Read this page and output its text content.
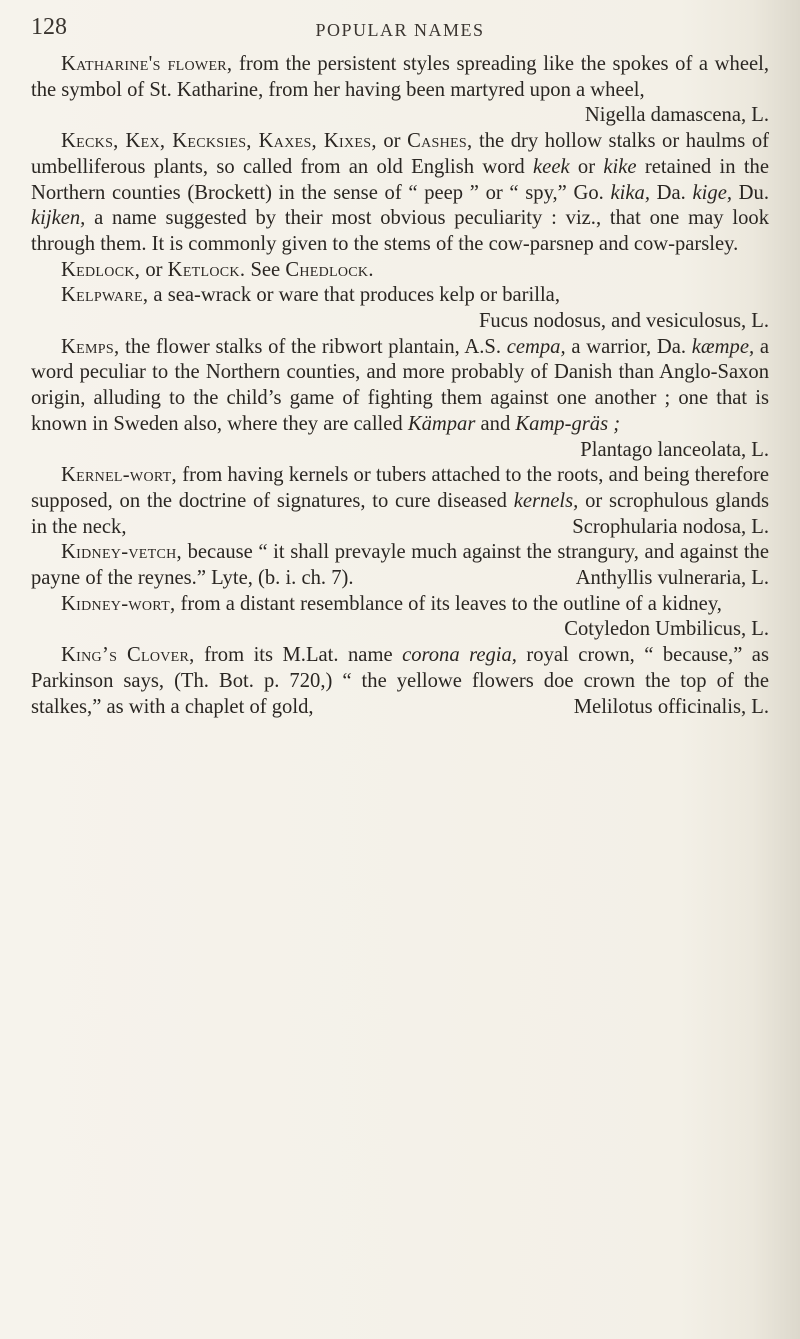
128	POPULAR NAMES

Katharine's flower, from the persistent styles spreading like the spokes of a wheel, the symbol of St. Katharine, from her having been martyred upon a wheel,
Nigella damascena, L.

Kecks, Kex, Kecksies, Kaxes, Kixes, or Cashes, the dry hollow stalks or haulms of umbelliferous plants, so called from an old English word keek or kike retained in the Northern counties (Brockett) in the sense of “ peep ” or “ spy,” Go. kika, Da. kige, Du. kijken, a name suggested by their most obvious peculiarity : viz., that one may look through them. It is commonly given to the stems of the cow-parsnep and cow-parsley.

Kedlock, or Ketlock. See Chedlock.

Kelpware, a sea-wrack or ware that produces kelp or barilla,
Fucus nodosus, and vesiculosus, L.

Kemps, the flower stalks of the ribwort plantain, A.S. cempa, a warrior, Da. kæmpe, a word peculiar to the Northern counties, and more probably of Danish than Anglo-Saxon origin, alluding to the child’s game of fighting them against one another ; one that is known in Sweden also, where they are called Kämpar and Kamp-gräs ;
Plantago lanceolata, L.

Kernel-wort, from having kernels or tubers attached to the roots, and being therefore supposed, on the doctrine of signatures, to cure diseased kernels, or scrophulous glands in the neck,	Scrophularia nodosa, L.

Kidney-vetch, because “ it shall prevayle much against the strangury, and against the payne of the reynes.” Lyte, (b. i. ch. 7).	Anthyllis vulneraria, L.

Kidney-wort, from a distant resemblance of its leaves to the outline of a kidney,
Cotyledon Umbilicus, L.

King’s Clover, from its M.Lat. name corona regia, royal crown, “ because,” as Parkinson says, (Th. Bot. p. 720,) “ the yellowe flowers doe crown the top of the stalkes,” as with a chaplet of gold,	Melilotus officinalis, L.
